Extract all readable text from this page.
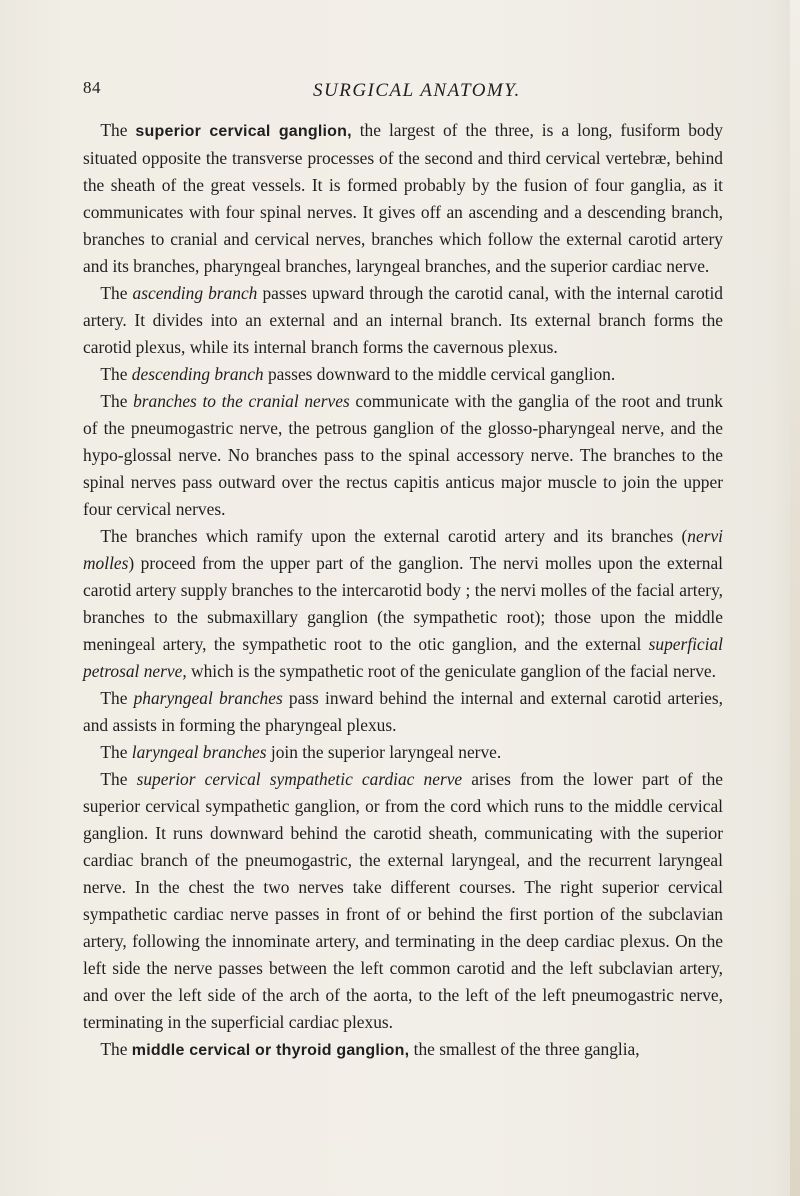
84	SURGICAL ANATOMY.

 The superior cervical ganglion, the largest of the three, is a long, fusiform body situated opposite the transverse processes of the second and third cervical vertebræ, behind the sheath of the great vessels. It is formed probably by the fusion of four ganglia, as it communicates with four spinal nerves. It gives off an ascending and a descending branch, branches to cranial and cervical nerves, branches which follow the external carotid artery and its branches, pharyngeal branches, laryngeal branches, and the superior cardiac nerve.

 The ascending branch passes upward through the carotid canal, with the internal carotid artery. It divides into an external and an internal branch. Its external branch forms the carotid plexus, while its internal branch forms the cavernous plexus.

 The descending branch passes downward to the middle cervical ganglion.

 The branches to the cranial nerves communicate with the ganglia of the root and trunk of the pneumogastric nerve, the petrous ganglion of the glosso-pharyngeal nerve, and the hypo-glossal nerve. No branches pass to the spinal accessory nerve. The branches to the spinal nerves pass outward over the rectus capitis anticus major muscle to join the upper four cervical nerves.

 The branches which ramify upon the external carotid artery and its branches (nervi molles) proceed from the upper part of the ganglion. The nervi molles upon the external carotid artery supply branches to the intercarotid body ; the nervi molles of the facial artery, branches to the submaxillary ganglion (the sympathetic root); those upon the middle meningeal artery, the sympathetic root to the otic ganglion, and the external superficial petrosal nerve, which is the sympathetic root of the geniculate ganglion of the facial nerve.

 The pharyngeal branches pass inward behind the internal and external carotid arteries, and assists in forming the pharyngeal plexus.

 The laryngeal branches join the superior laryngeal nerve.

 The superior cervical sympathetic cardiac nerve arises from the lower part of the superior cervical sympathetic ganglion, or from the cord which runs to the middle cervical ganglion. It runs downward behind the carotid sheath, communicating with the superior cardiac branch of the pneumogastric, the external laryngeal, and the recurrent laryngeal nerve. In the chest the two nerves take different courses. The right superior cervical sympathetic cardiac nerve passes in front of or behind the first portion of the subclavian artery, following the innominate artery, and terminating in the deep cardiac plexus. On the left side the nerve passes between the left common carotid and the left subclavian artery, and over the left side of the arch of the aorta, to the left of the left pneumogastric nerve, terminating in the superficial cardiac plexus.

 The middle cervical or thyroid ganglion, the smallest of the three ganglia,
